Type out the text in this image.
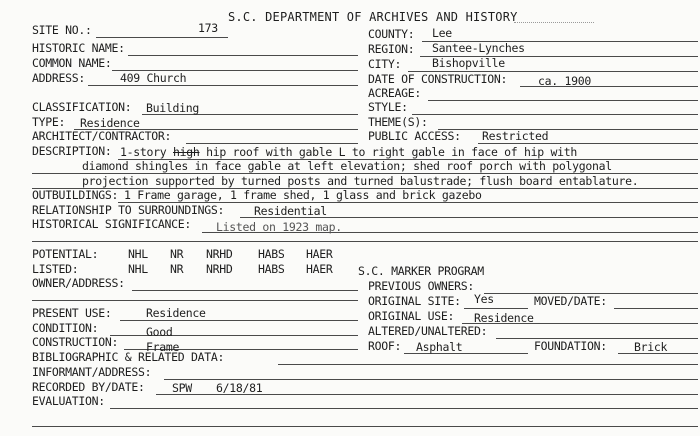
SITE NO.:	173
S.C. DEPARTMENT OF ARCHIVES AND HISTORY
COUNTY: Lee
HISTORIC NAME:
COMMON NAME:
ADDRESS:	409 Church
REGION: Santee-Lynches
CITY:	Bishopville
DATE OF CONSTRUCTION:	ca. 1900
ACREAGE:
CLASSIFICATION: Building
TYPE: Residence
ARCHITECT/CONTRACTOR:
STYLE:
THEME(S):
PUBLIC ACCESS: Restricted
DESCRIPTION: 1-story high hip roof with gable L to right gable in face of hip with
diamond shingles in face gable at left elevation; shed roof porch with polygonal
projection supported by turned posts and turned balustrade; flush board entablature.
OUTBUILDINGS: 1 Frame garage, 1 frame shed, 1 glass and brick gazebo
RELATIONSHIP TO SURROUNDINGS:	Residential
HISTORICAL SIGNIFICANCE: Listed on 1923 map.
POTENTIAL:	NHL NR NRHD HABS HAER
LISTED:	NHL NR NRHD HABS HAER S.C. MARKER PROGRAM
OWNER/ADDRESS:	PREVIOUS OWNERS:
ORIGINAL SITE: Yes	MOVED/DATE:
PRESENT USE:	Residence	ORIGINAL USE: Residence
CONDITION:	Good	ALTERED/UNALTERED:
CONSTRUCTION: Frame	ROOF: Asphalt	FOUNDATION: Brick
BIBLIOGRAPHIC & RELATED DATA:
INFORMANT/ADDRESS:
RECORDED BY/DATE: SPW 6/18/81
EVALUATION:
